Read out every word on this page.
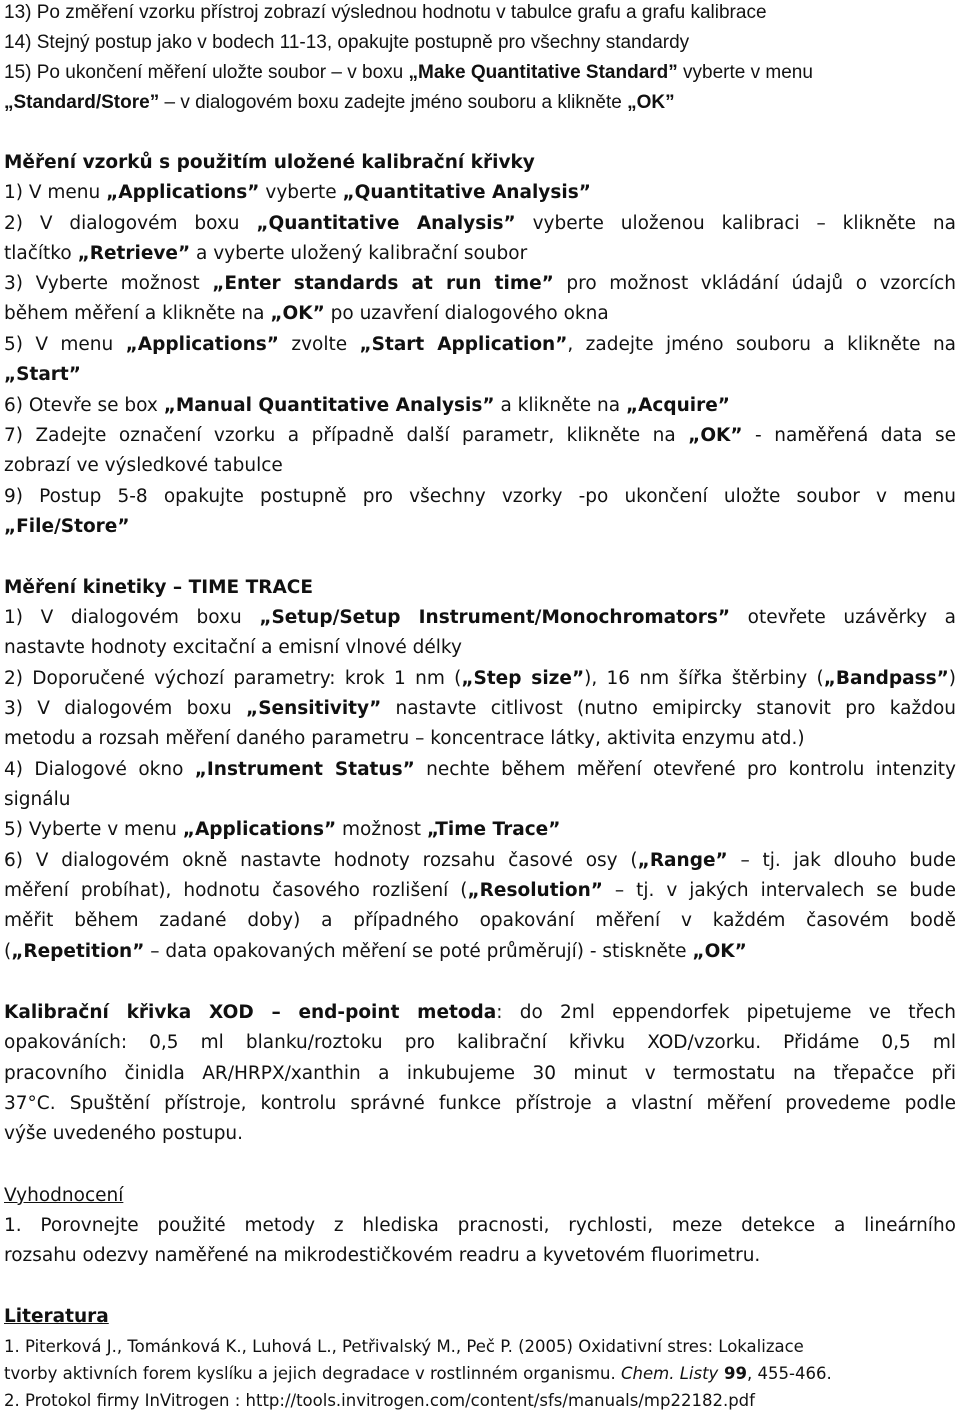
13) Po změření vzorku přístroj zobrazí výslednou hodnotu v tabulce grafu a grafu kalibrace
14) Stejný postup jako v bodech 11-13, opakujte postupně pro všechny standardy
15) Po ukončení měření uložte soubor – v boxu „Make Quantitative Standard” vyberte v menu
„Standard/Store” – v dialogovém boxu zadejte jméno souboru a klikněte „OK”
Měření vzorků s použitím uložené kalibrační křivky
1) V menu „Applications” vyberte „Quantitative Analysis”
2) V dialogovém boxu „Quantitative Analysis” vyberte uloženou kalibraci – klikněte na
tlačítko „Retrieve” a vyberte uložený kalibrační soubor
3) Vyberte možnost „Enter standards at run time” pro možnost vkládání údajů o vzorcích
během měření a klikněte na „OK” po uzavření dialogového okna
5) V menu „Applications” zvolte „Start Application”, zadejte jméno souboru a klikněte na
„Start”
6) Otevře se box „Manual Quantitative Analysis” a klikněte na „Acquire”
7) Zadejte označení vzorku a případně další parametr, klikněte na „OK” - naměřená data se
zobrazí ve výsledkové tabulce
9) Postup 5-8 opakujte postupně pro všechny vzorky -po ukončení uložte soubor v menu
„File/Store”
Měření kinetiky – TIME TRACE
1) V dialogovém boxu „Setup/Setup Instrument/Monochromators” otevřete uzávěrky a
nastavte hodnoty excitační a emisní vlnové délky
2) Doporučené výchozí parametry: krok 1 nm („Step size”), 16 nm šířka štěrbiny („Bandpass”)
3) V dialogovém boxu „Sensitivity” nastavte citlivost (nutno emipircky stanovit pro každou
metodu a rozsah měření daného parametru – koncentrace látky, aktivita enzymu atd.)
4) Dialogové okno „Instrument Status” nechte během měření otevřené pro kontrolu intenzity
signálu
5) Vyberte v menu „Applications” možnost „Time Trace”
6) V dialogovém okně nastavte hodnoty rozsahu časové osy („Range” – tj. jak dlouho bude
měření probíhat), hodnotu časového rozlišení („Resolution” – tj. v jakých intervalech se bude
měřit během zadané doby) a případného opakování měření v každém časovém bodě
(„Repetition” – data opakovaných měření se poté průměrují) - stiskněte „OK”
Kalibrační křivka XOD – end-point metoda: do 2ml eppendorfek pipetujeme ve třech
opakováních: 0,5 ml blanku/roztoku pro kalibrační křivku XOD/vzorku. Přidáme 0,5 ml
pracovního činidla AR/HRPX/xanthin a inkubujeme 30 minut v termostatu na třepačce při
37°C. Spuštění přístroje, kontrolu správné funkce přístroje a vlastní měření provedeme podle
výše uvedeného postupu.
Vyhodnocení
1. Porovnejte použité metody z hlediska pracnosti, rychlosti, meze detekce a lineárního
rozsahu odezvy naměřené na mikrodestičkovém readru a kyvetovém fluorimetru.
Literatura
1. Piterková J., Tománková K., Luhová L., Petřivalský M., Peč P. (2005) Oxidativní stres: Lokalizace
tvorby aktivních forem kyslíku a jejich degradace v rostlinném organismu. Chem. Listy 99, 455-466.
2. Protokol firmy InVitrogen : http://tools.invitrogen.com/content/sfs/manuals/mp22182.pdf
